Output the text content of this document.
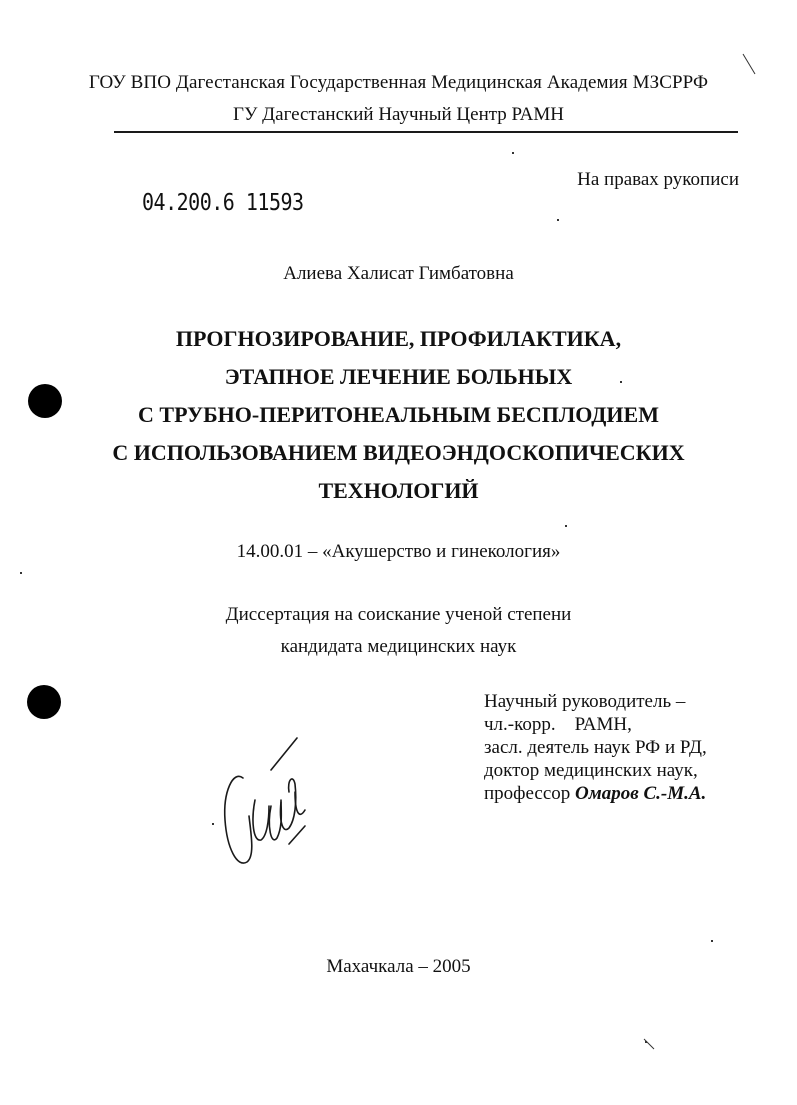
ГОУ ВПО Дагестанская Государственная Медицинская Академия МЗСРРФ
ГУ Дагестанский Научный Центр РАМН
На правах рукописи
04.200.6 11593
Алиева Халисат Гимбатовна
ПРОГНОЗИРОВАНИЕ, ПРОФИЛАКТИКА,
ЭТАПНОЕ ЛЕЧЕНИЕ БОЛЬНЫХ
С ТРУБНО-ПЕРИТОНЕАЛЬНЫМ БЕСПЛОДИЕМ
С ИСПОЛЬЗОВАНИЕМ ВИДЕОЭНДОСКОПИЧЕСКИХ
ТЕХНОЛОГИЙ
14.00.01 – «Акушерство и гинекология»
Диссертация на соискание ученой степени
кандидата медицинских наук
Научный руководитель –
чл.-корр.    РАМН,
засл. деятель наук РФ и РД,
доктор медицинских наук,
профессор Омаров С.-М.А.
Махачкала – 2005
